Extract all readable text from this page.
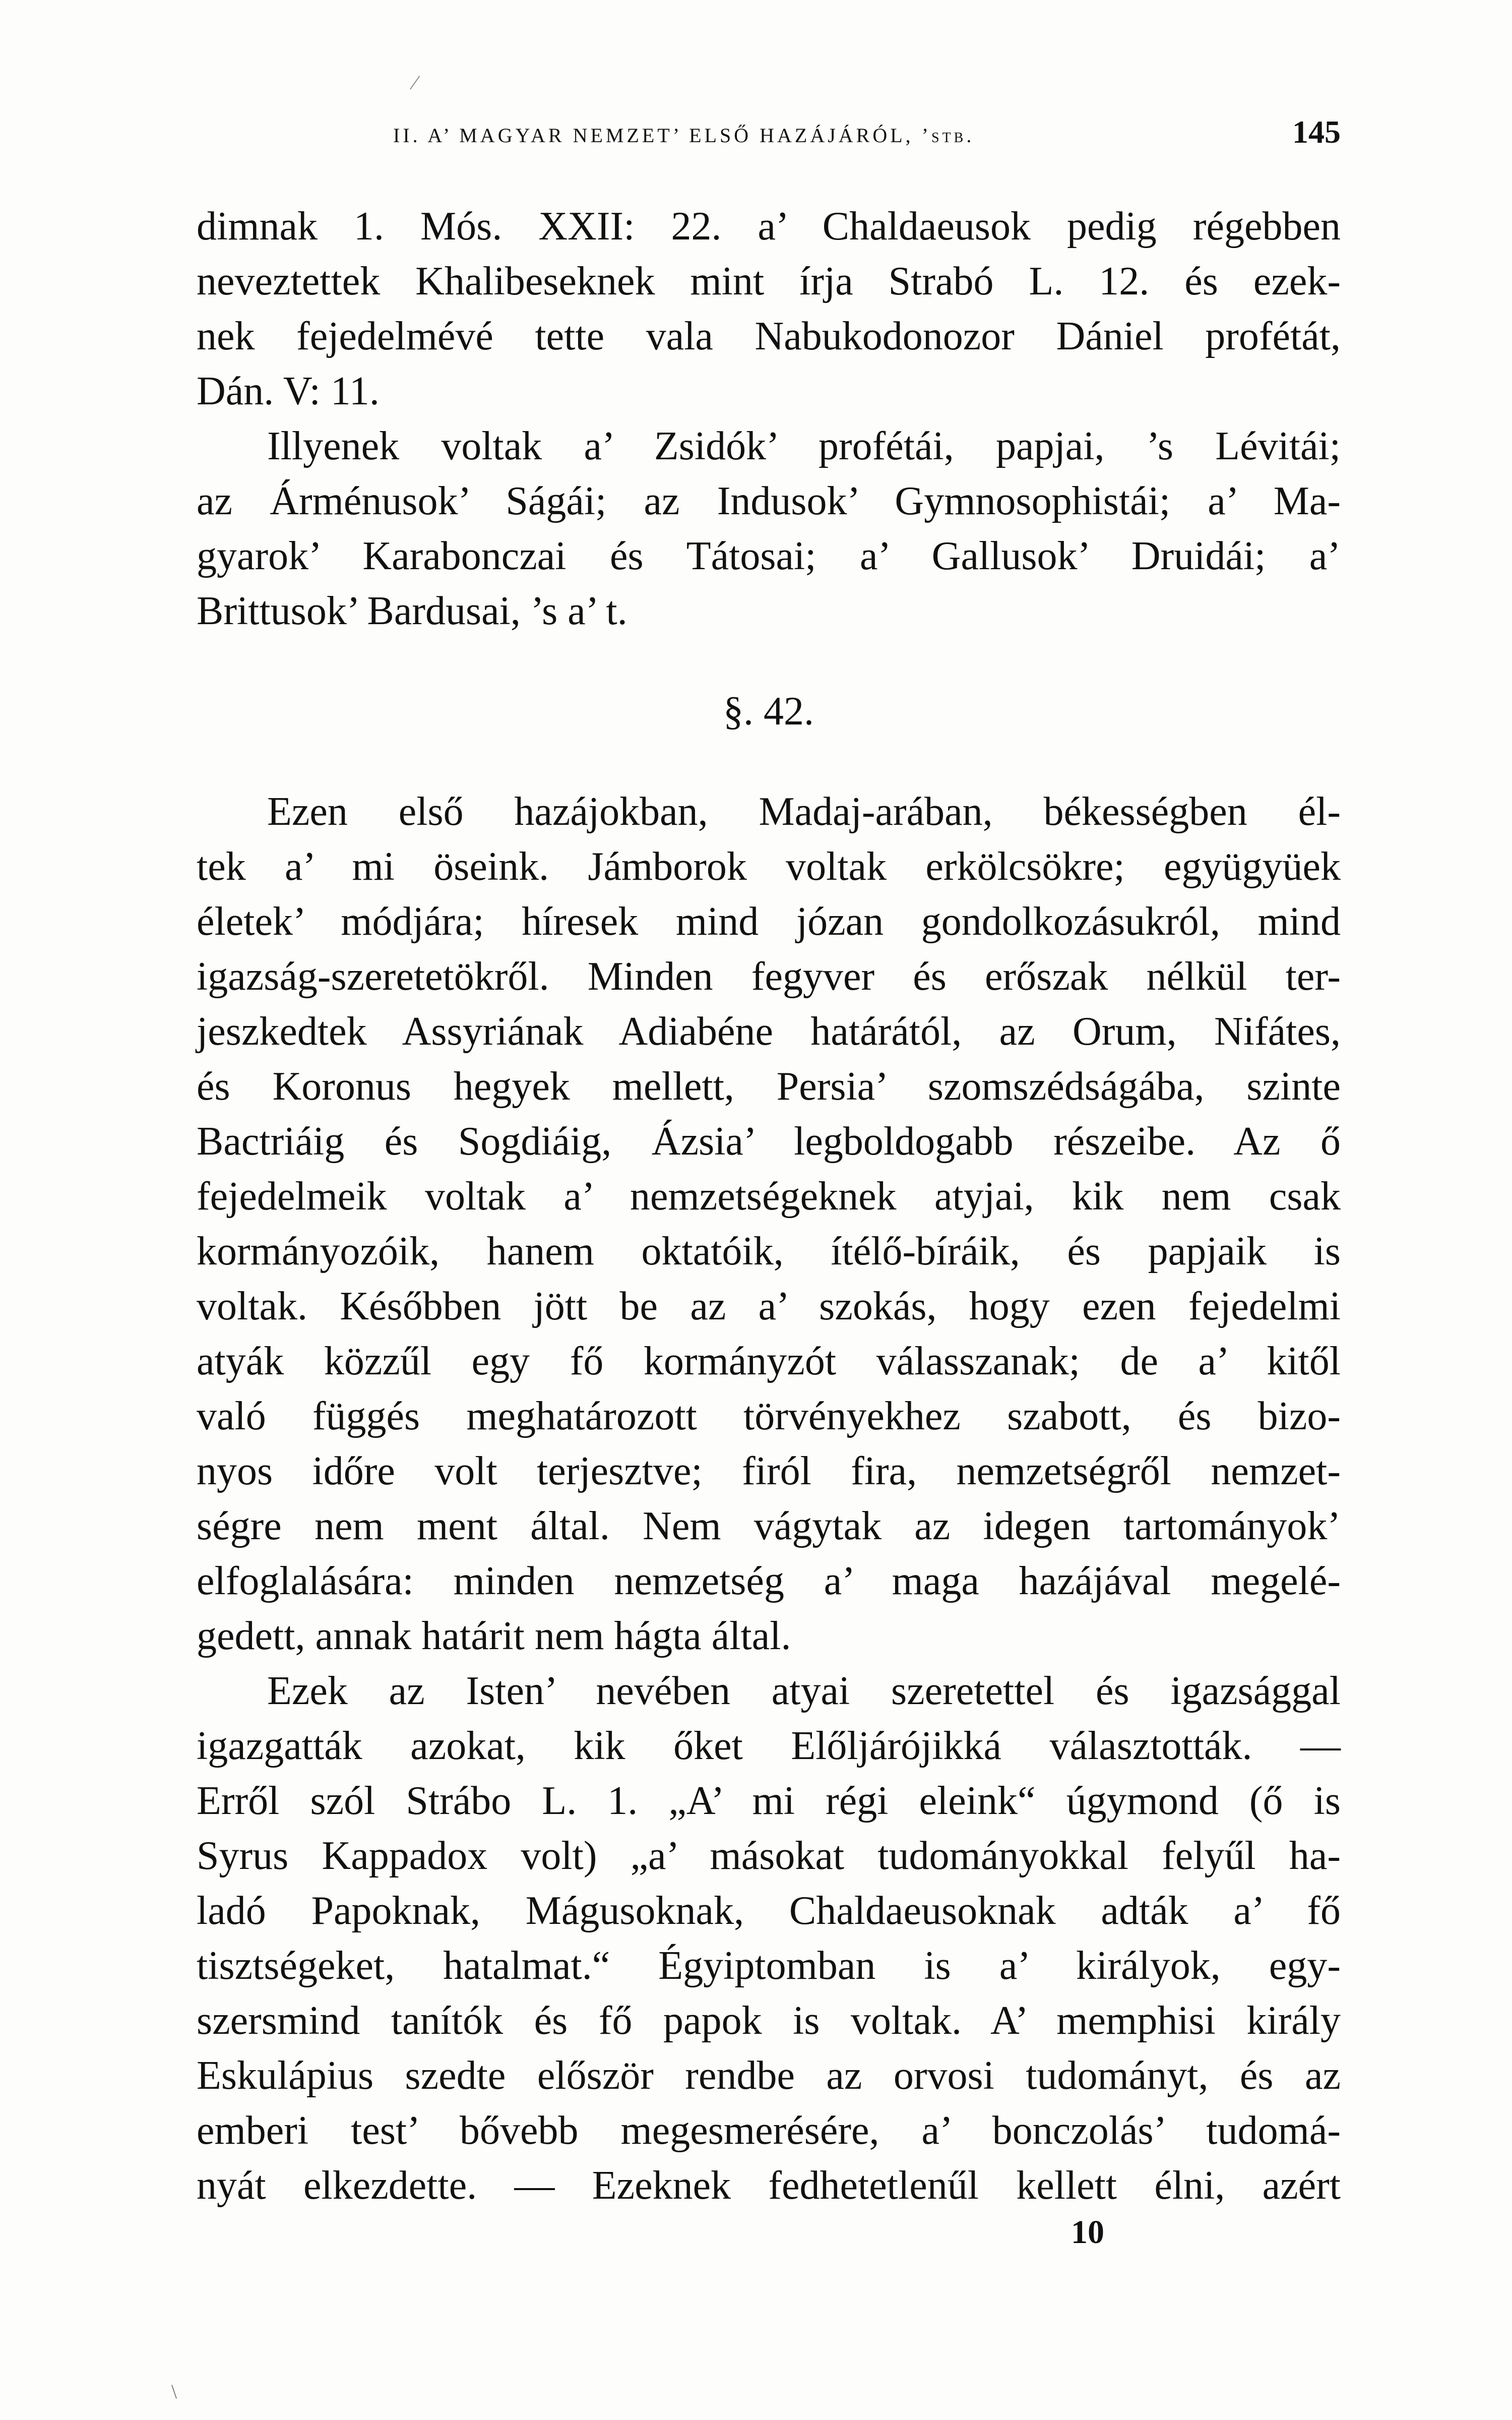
II. A’ MAGYAR NEMZET’ ELSŐ HAZÁJÁRÓL, ’stb.	145
dimnak 1. Mós. XXII: 22. a’ Chaldaeusok pedig régebben
neveztettek Khalibeseknek mint írja Strabó L. 12. és ezek-
nek fejedelmévé tette vala Nabukodonozor Dániel profétát,
Dán. V: 11.
Illyenek voltak a’ Zsidók’ profétái, papjai, ’s Lévitái;
az Árménusok’ Ságái; az Indusok’ Gymnosophistái; a’ Ma-
gyarok’ Karabonczai és Tátosai; a’ Gallusok’ Druidái; a’
Brittusok’ Bardusai, ’s a’ t.
§. 42.
Ezen első hazájokban, Madaj-arában, békességben él-
tek a’ mi öseink. Jámborok voltak erkölcsökre; együgyüek
életek’ módjára; híresek mind józan gondolkozásukról, mind
igazság-szeretetökről. Minden fegyver és erőszak nélkül ter-
jeszkedtek Assyriának Adiabéne határától, az Orum, Nifátes,
és Koronus hegyek mellett, Persia’ szomszédságába, szinte
Bactriáig és Sogdiáig, Ázsia’ legboldogabb részeibe. Az ő
fejedelmeik voltak a’ nemzetségeknek atyjai, kik nem csak
kormányozóik, hanem oktatóik, ítélő-bíráik, és papjaik is
voltak. Későbben jött be az a’ szokás, hogy ezen fejedelmi
atyák közzűl egy fő kormányzót válasszanak; de a’ kitől
való függés meghatározott törvényekhez szabott, és bizo-
nyos időre volt terjesztve; firól fira, nemzetségről nemzet-
ségre nem ment által. Nem vágytak az idegen tartományok’
elfoglalására: minden nemzetség a’ maga hazájával megelé-
gedett, annak határit nem hágta által.
Ezek az Isten’ nevében atyai szeretettel és igazsággal
igazgatták azokat, kik őket Előljárójikká választották. —
Erről szól Strábo L. 1. „A’ mi régi eleink“ úgymond (ő is
Syrus Kappadox volt) „a’ másokat tudományokkal felyűl ha-
ladó Papoknak, Mágusoknak, Chaldaeusoknak adták a’ fő
tisztségeket, hatalmat.“ Égyiptomban is a’ királyok, egy-
szersmind tanítók és fő papok is voltak. A’ memphisi király
Eskulápius szedte először rendbe az orvosi tudományt, és az
emberi test’ bővebb megesmerésére, a’ bonczolás’ tudomá-
nyát elkezdette. — Ezeknek fedhetetlenűl kellett élni, azért
10
⁄
\
